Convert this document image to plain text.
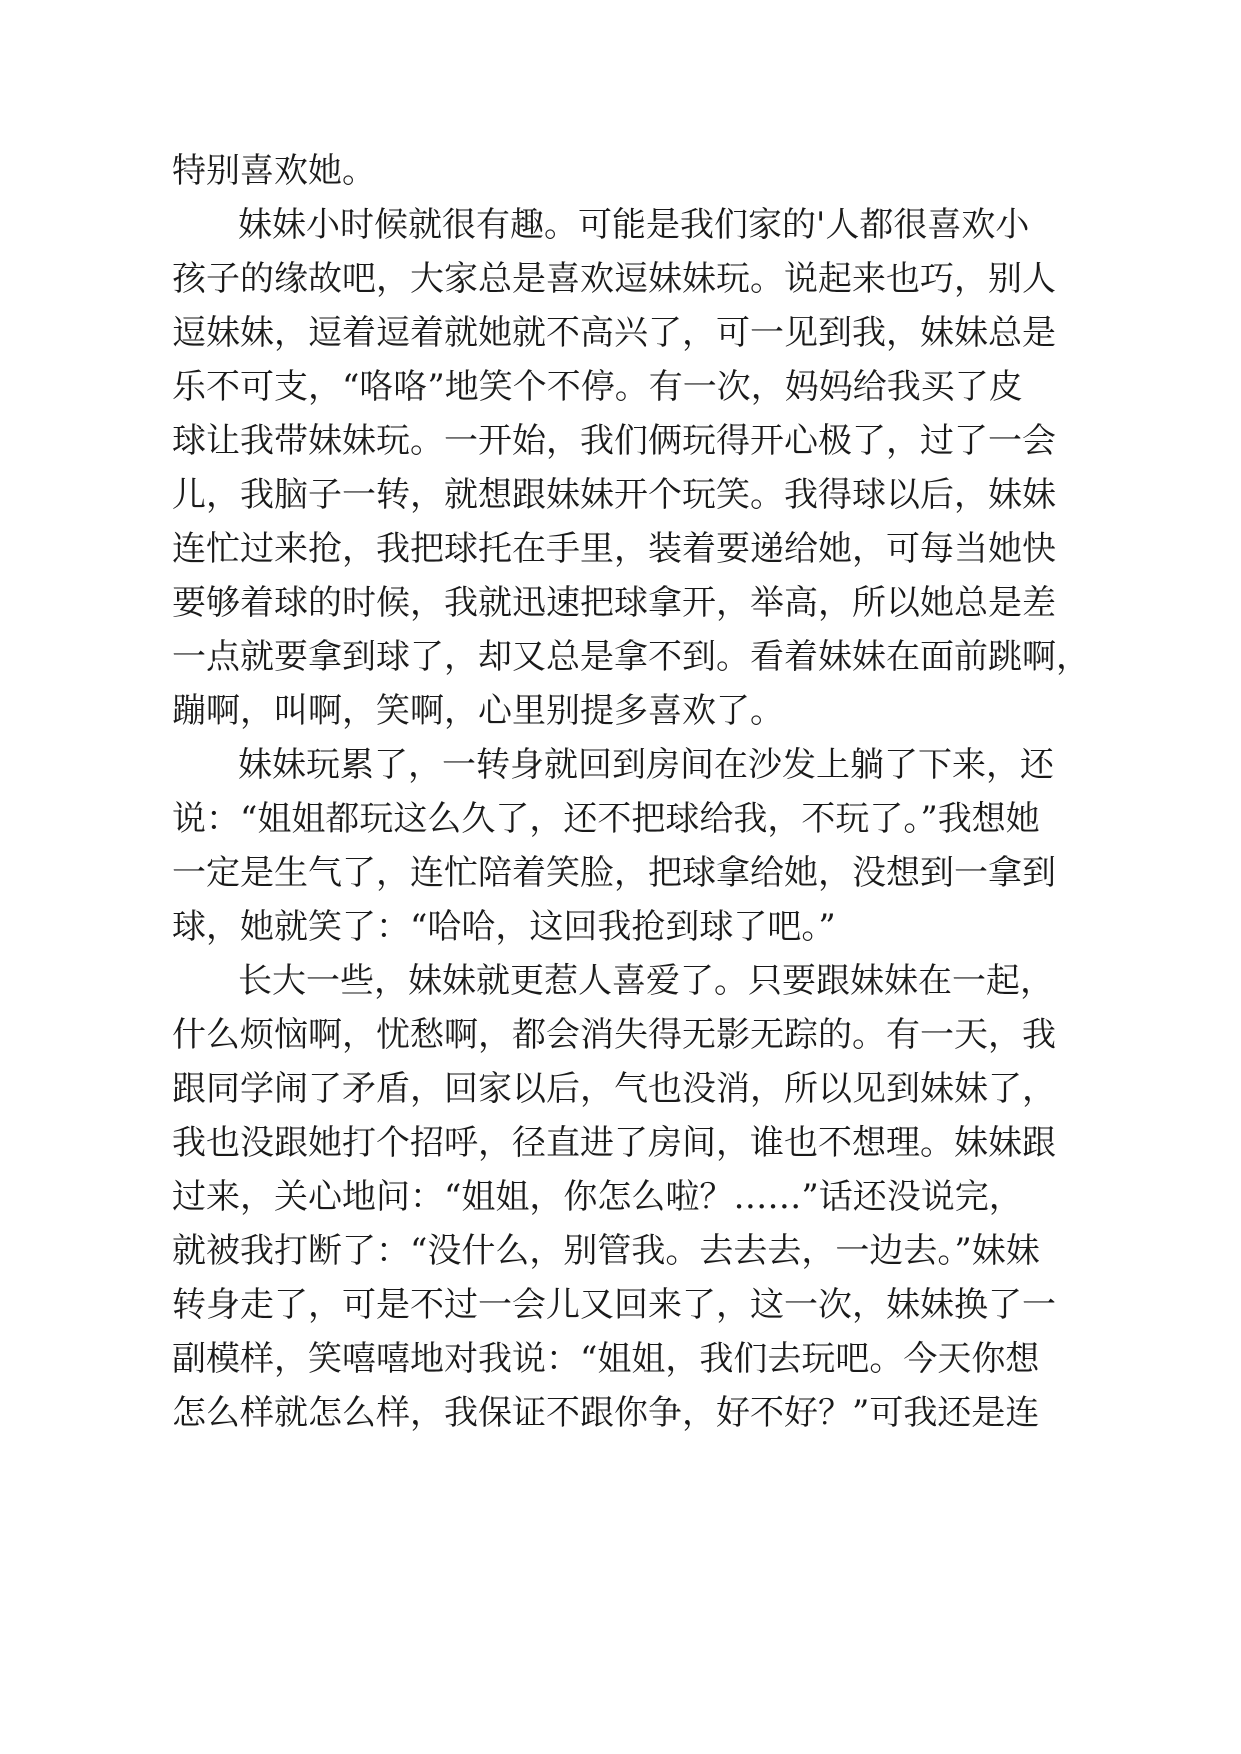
特别喜欢她。
妹妹小时候就很有趣。可能是我们家的'人都很喜欢小
孩子的缘故吧，大家总是喜欢逗妹妹玩。说起来也巧，别人
逗妹妹，逗着逗着就她就不高兴了，可一见到我，妹妹总是
乐不可支，“咯咯”地笑个不停。有一次，妈妈给我买了皮
球让我带妹妹玩。一开始，我们俩玩得开心极了，过了一会
儿，我脑子一转，就想跟妹妹开个玩笑。我得球以后，妹妹
连忙过来抢，我把球托在手里，装着要递给她，可每当她快
要够着球的时候，我就迅速把球拿开，举高，所以她总是差
一点就要拿到球了，却又总是拿不到。看着妹妹在面前跳啊，
蹦啊，叫啊，笑啊，心里别提多喜欢了。
妹妹玩累了，一转身就回到房间在沙发上躺了下来，还
说：“姐姐都玩这么久了，还不把球给我，不玩了。”我想她
一定是生气了，连忙陪着笑脸，把球拿给她，没想到一拿到
球，她就笑了：“哈哈，这回我抢到球了吧。”
长大一些，妹妹就更惹人喜爱了。只要跟妹妹在一起，
什么烦恼啊，忧愁啊，都会消失得无影无踪的。有一天，我
跟同学闹了矛盾，回家以后，气也没消，所以见到妹妹了，
我也没跟她打个招呼，径直进了房间，谁也不想理。妹妹跟
过来，关心地问：“姐姐，你怎么啦？……”话还没说完，
就被我打断了：“没什么，别管我。去去去，一边去。”妹妹
转身走了，可是不过一会儿又回来了，这一次，妹妹换了一
副模样，笑嘻嘻地对我说：“姐姐，我们去玩吧。今天你想
怎么样就怎么样，我保证不跟你争，好不好？”可我还是连
